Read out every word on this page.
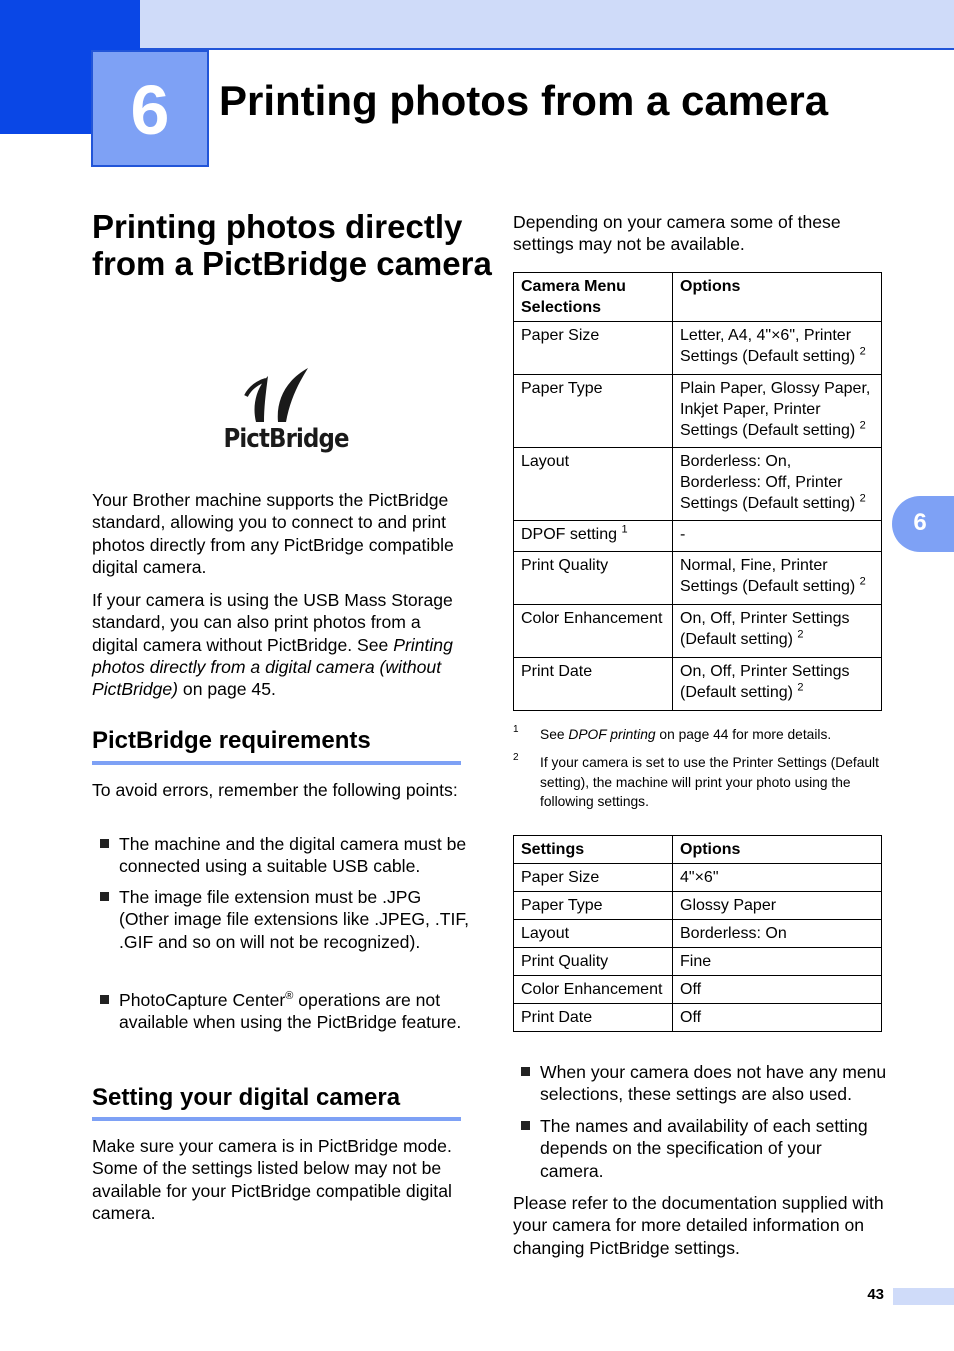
6	Printing photos from a camera
Printing photos directly from a PictBridge camera
PictBridge
Your Brother machine supports the PictBridge standard, allowing you to connect to and print photos directly from any PictBridge compatible digital camera.
If your camera is using the USB Mass Storage standard, you can also print photos from a digital camera without PictBridge. See Printing photos directly from a digital camera (without PictBridge) on page 45.
PictBridge requirements
To avoid errors, remember the following points:
The machine and the digital camera must be connected using a suitable USB cable.
The image file extension must be .JPG (Other image file extensions like .JPEG, .TIF, .GIF and so on will not be recognized).
PhotoCapture Center® operations are not available when using the PictBridge feature.
Setting your digital camera
Make sure your camera is in PictBridge mode. Some of the settings listed below may not be available for your PictBridge compatible digital camera.
Depending on your camera some of these settings may not be available.
Camera Menu Selections	Options
Paper Size	Letter, A4, 4"×6", Printer Settings (Default setting) $^2$
Paper Type	Plain Paper, Glossy Paper, Inkjet Paper, Printer Settings (Default setting) $^2$
Layout	Borderless: On, Borderless: Off, Printer Settings (Default setting) $^2$
DPOF setting $^1$	-
Print Quality	Normal, Fine, Printer Settings (Default setting) $^2$
Color Enhancement	On, Off, Printer Settings (Default setting) $^2$
Print Date	On, Off, Printer Settings (Default setting) $^2$
1 See DPOF printing on page 44 for more details.
2 If your camera is set to use the Printer Settings (Default setting), the machine will print your photo using the following settings.
Settings	Options
Paper Size	4"×6"
Paper Type	Glossy Paper
Layout	Borderless: On
Print Quality	Fine
Color Enhancement	Off
Print Date	Off
When your camera does not have any menu selections, these settings are also used.
The names and availability of each setting depends on the specification of your camera.
Please refer to the documentation supplied with your camera for more detailed information on changing PictBridge settings.
6
43
